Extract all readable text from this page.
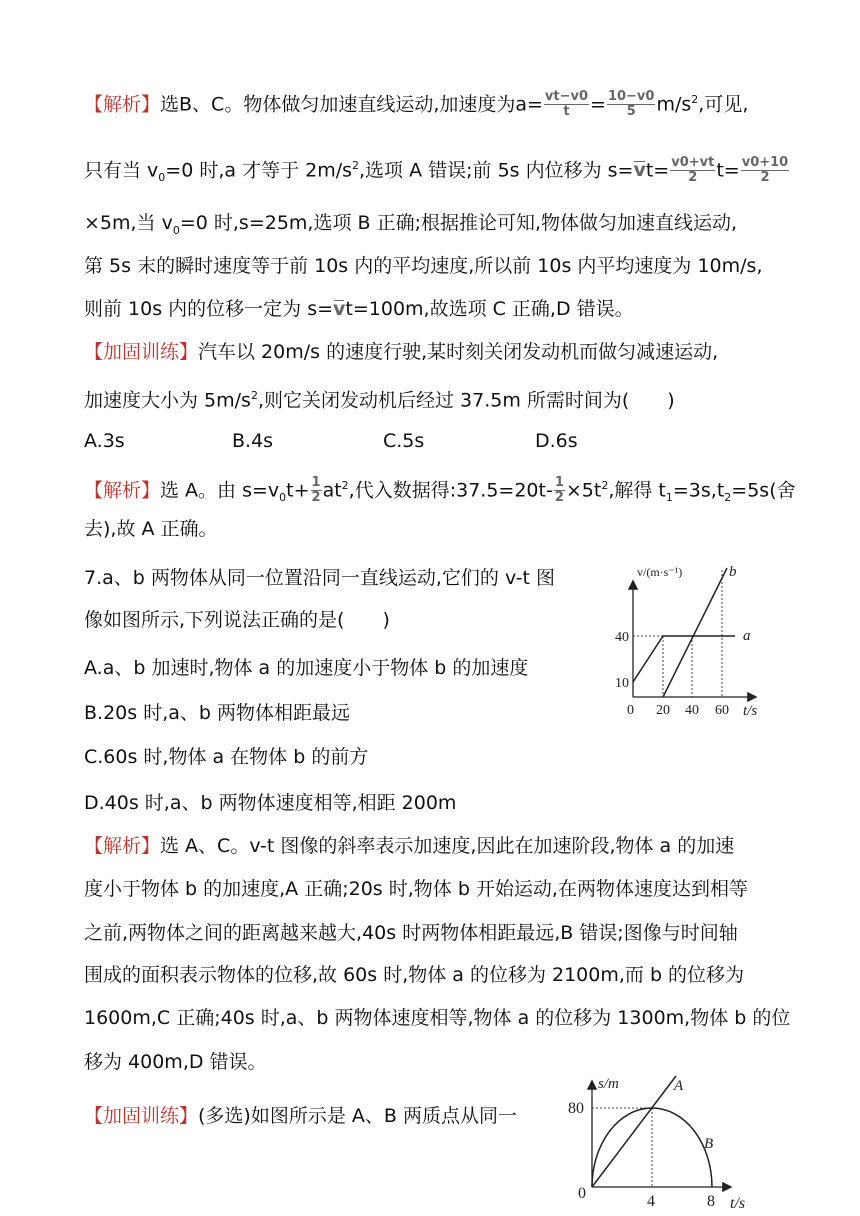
【解析】选B、C。物体做匀加速直线运动,加速度为$a= \frac{vt-v0}{t} = \frac{10-v0}{5} m/s^2$,可见,
只有当 $v_0=0$ 时,a 才等于 $2m/s^2$,选项 A 错误;前 5s 内位移为 $s=vt= \frac{v0+vt}{2} t= \frac{v0+10}{2}$
×5m,当 $v_0=0$ 时,s=25m,选项 B 正确;根据推论可知,物体做匀加速直线运动,
第 5s 末的瞬时速度等于前 10s 内的平均速度,所以前 10s 内平均速度为 10m/s,
则前 10s 内的位移一定为 s=vt=100m,故选项 C 正确,D 错误。
【加固训练】汽车以 20m/s 的速度行驶,某时刻关闭发动机而做匀减速运动,
加速度大小为 $5m/s^2$,则它关闭发动机后经过 37.5m 所需时间为(　　)
A.3s	B.4s	C.5s	D.6s
【解析】选 A。由 $s=v_0t+ \frac{1}{2} at^2$,代入数据得:37.5=20t- $\frac{1}{2} \times 5t^2$,解得 $t_1=3s,t_2=5s$(舍
去),故 A 正确。
7.a、b 两物体从同一位置沿同一直线运动,它们的 v-t 图
像如图所示,下列说法正确的是(　　)
A.a、b 加速时,物体 a 的加速度小于物体 b 的加速度
B.20s 时,a、b 两物体相距最远
C.60s 时,物体 a 在物体 b 的前方
D.40s 时,a、b 两物体速度相等,相距 200m
v/(m·s⁻¹)	b
a
40
10
0 20 40 60 t/s
【解析】选 A、C。v-t 图像的斜率表示加速度,因此在加速阶段,物体 a 的加速
度小于物体 b 的加速度,A 正确;20s 时,物体 b 开始运动,在两物体速度达到相等
之前,两物体之间的距离越来越大,40s 时两物体相距最远,B 错误;图像与时间轴
围成的面积表示物体的位移,故 60s 时,物体 a 的位移为 2100m,而 b 的位移为
1600m,C 正确;40s 时,a、b 两物体速度相等,物体 a 的位移为 1300m,物体 b 的位
移为 400m,D 错误。
【加固训练】(多选)如图所示是 A、B 两质点从同一
s/m	A
B
80
0	4	8 t/s
